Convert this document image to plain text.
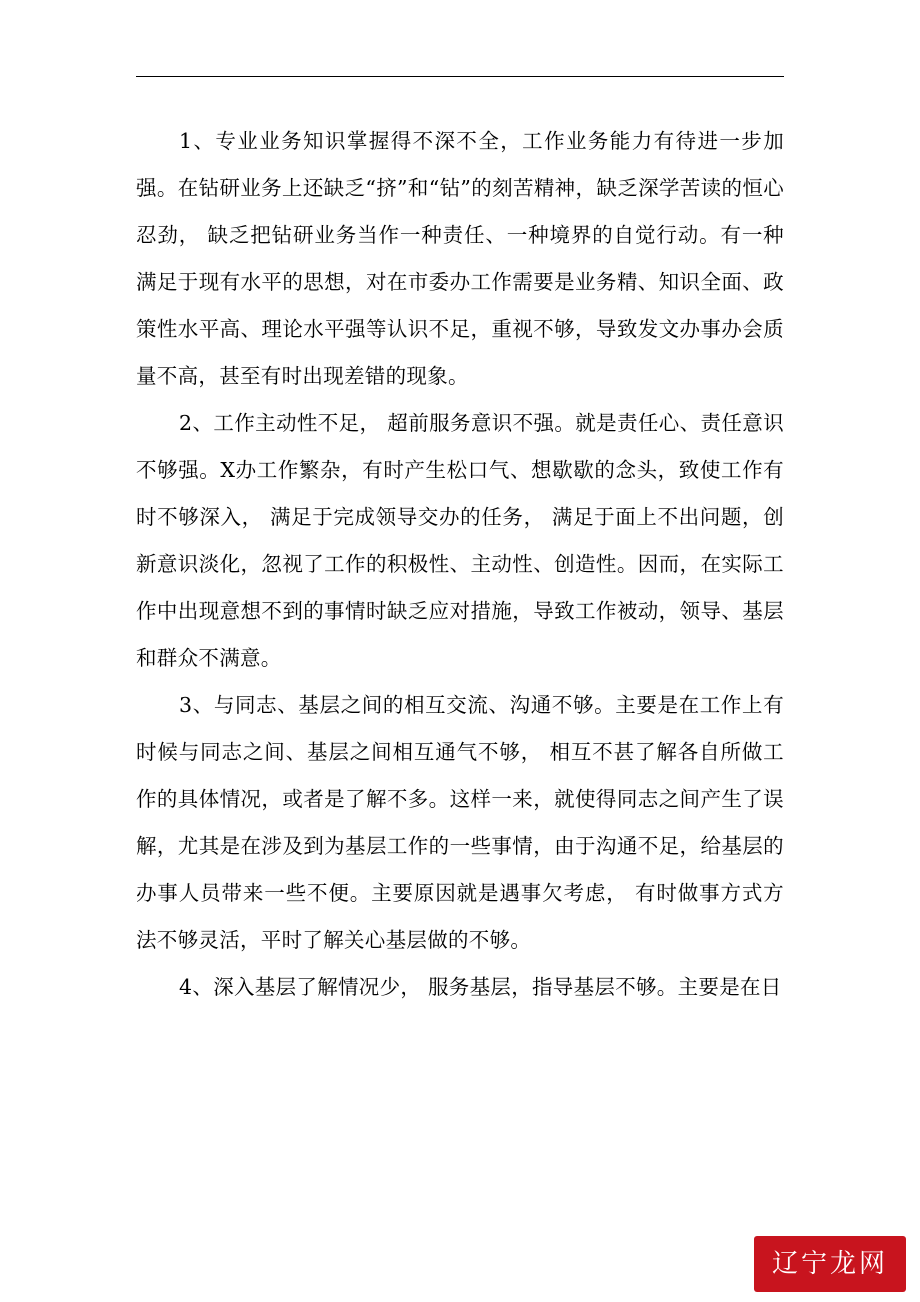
1、专业业务知识掌握得不深不全，工作业务能力有待进一步加强。在钻研业务上还缺乏“挤”和“钻”的刻苦精神，缺乏深学苦读的恒心忍劲， 缺乏把钻研业务当作一种责任、一种境界的自觉行动。有一种满足于现有水平的思想，对在市委办工作需要是业务精、知识全面、政策性水平高、理论水平强等认识不足，重视不够，导致发文办事办会质量不高，甚至有时出现差错的现象。

2、工作主动性不足， 超前服务意识不强。就是责任心、责任意识不够强。X办工作繁杂，有时产生松口气、想歇歇的念头，致使工作有时不够深入， 满足于完成领导交办的任务， 满足于面上不出问题，创新意识淡化，忽视了工作的积极性、主动性、创造性。因而，在实际工作中出现意想不到的事情时缺乏应对措施，导致工作被动，领导、基层和群众不满意。

3、与同志、基层之间的相互交流、沟通不够。主要是在工作上有时候与同志之间、基层之间相互通气不够， 相互不甚了解各自所做工作的具体情况，或者是了解不多。这样一来，就使得同志之间产生了误解，尤其是在涉及到为基层工作的一些事情，由于沟通不足，给基层的办事人员带来一些不便。主要原因就是遇事欠考虑， 有时做事方式方法不够灵活，平时了解关心基层做的不够。

4、深入基层了解情况少， 服务基层，指导基层不够。主要是在日

辽宁龙网
